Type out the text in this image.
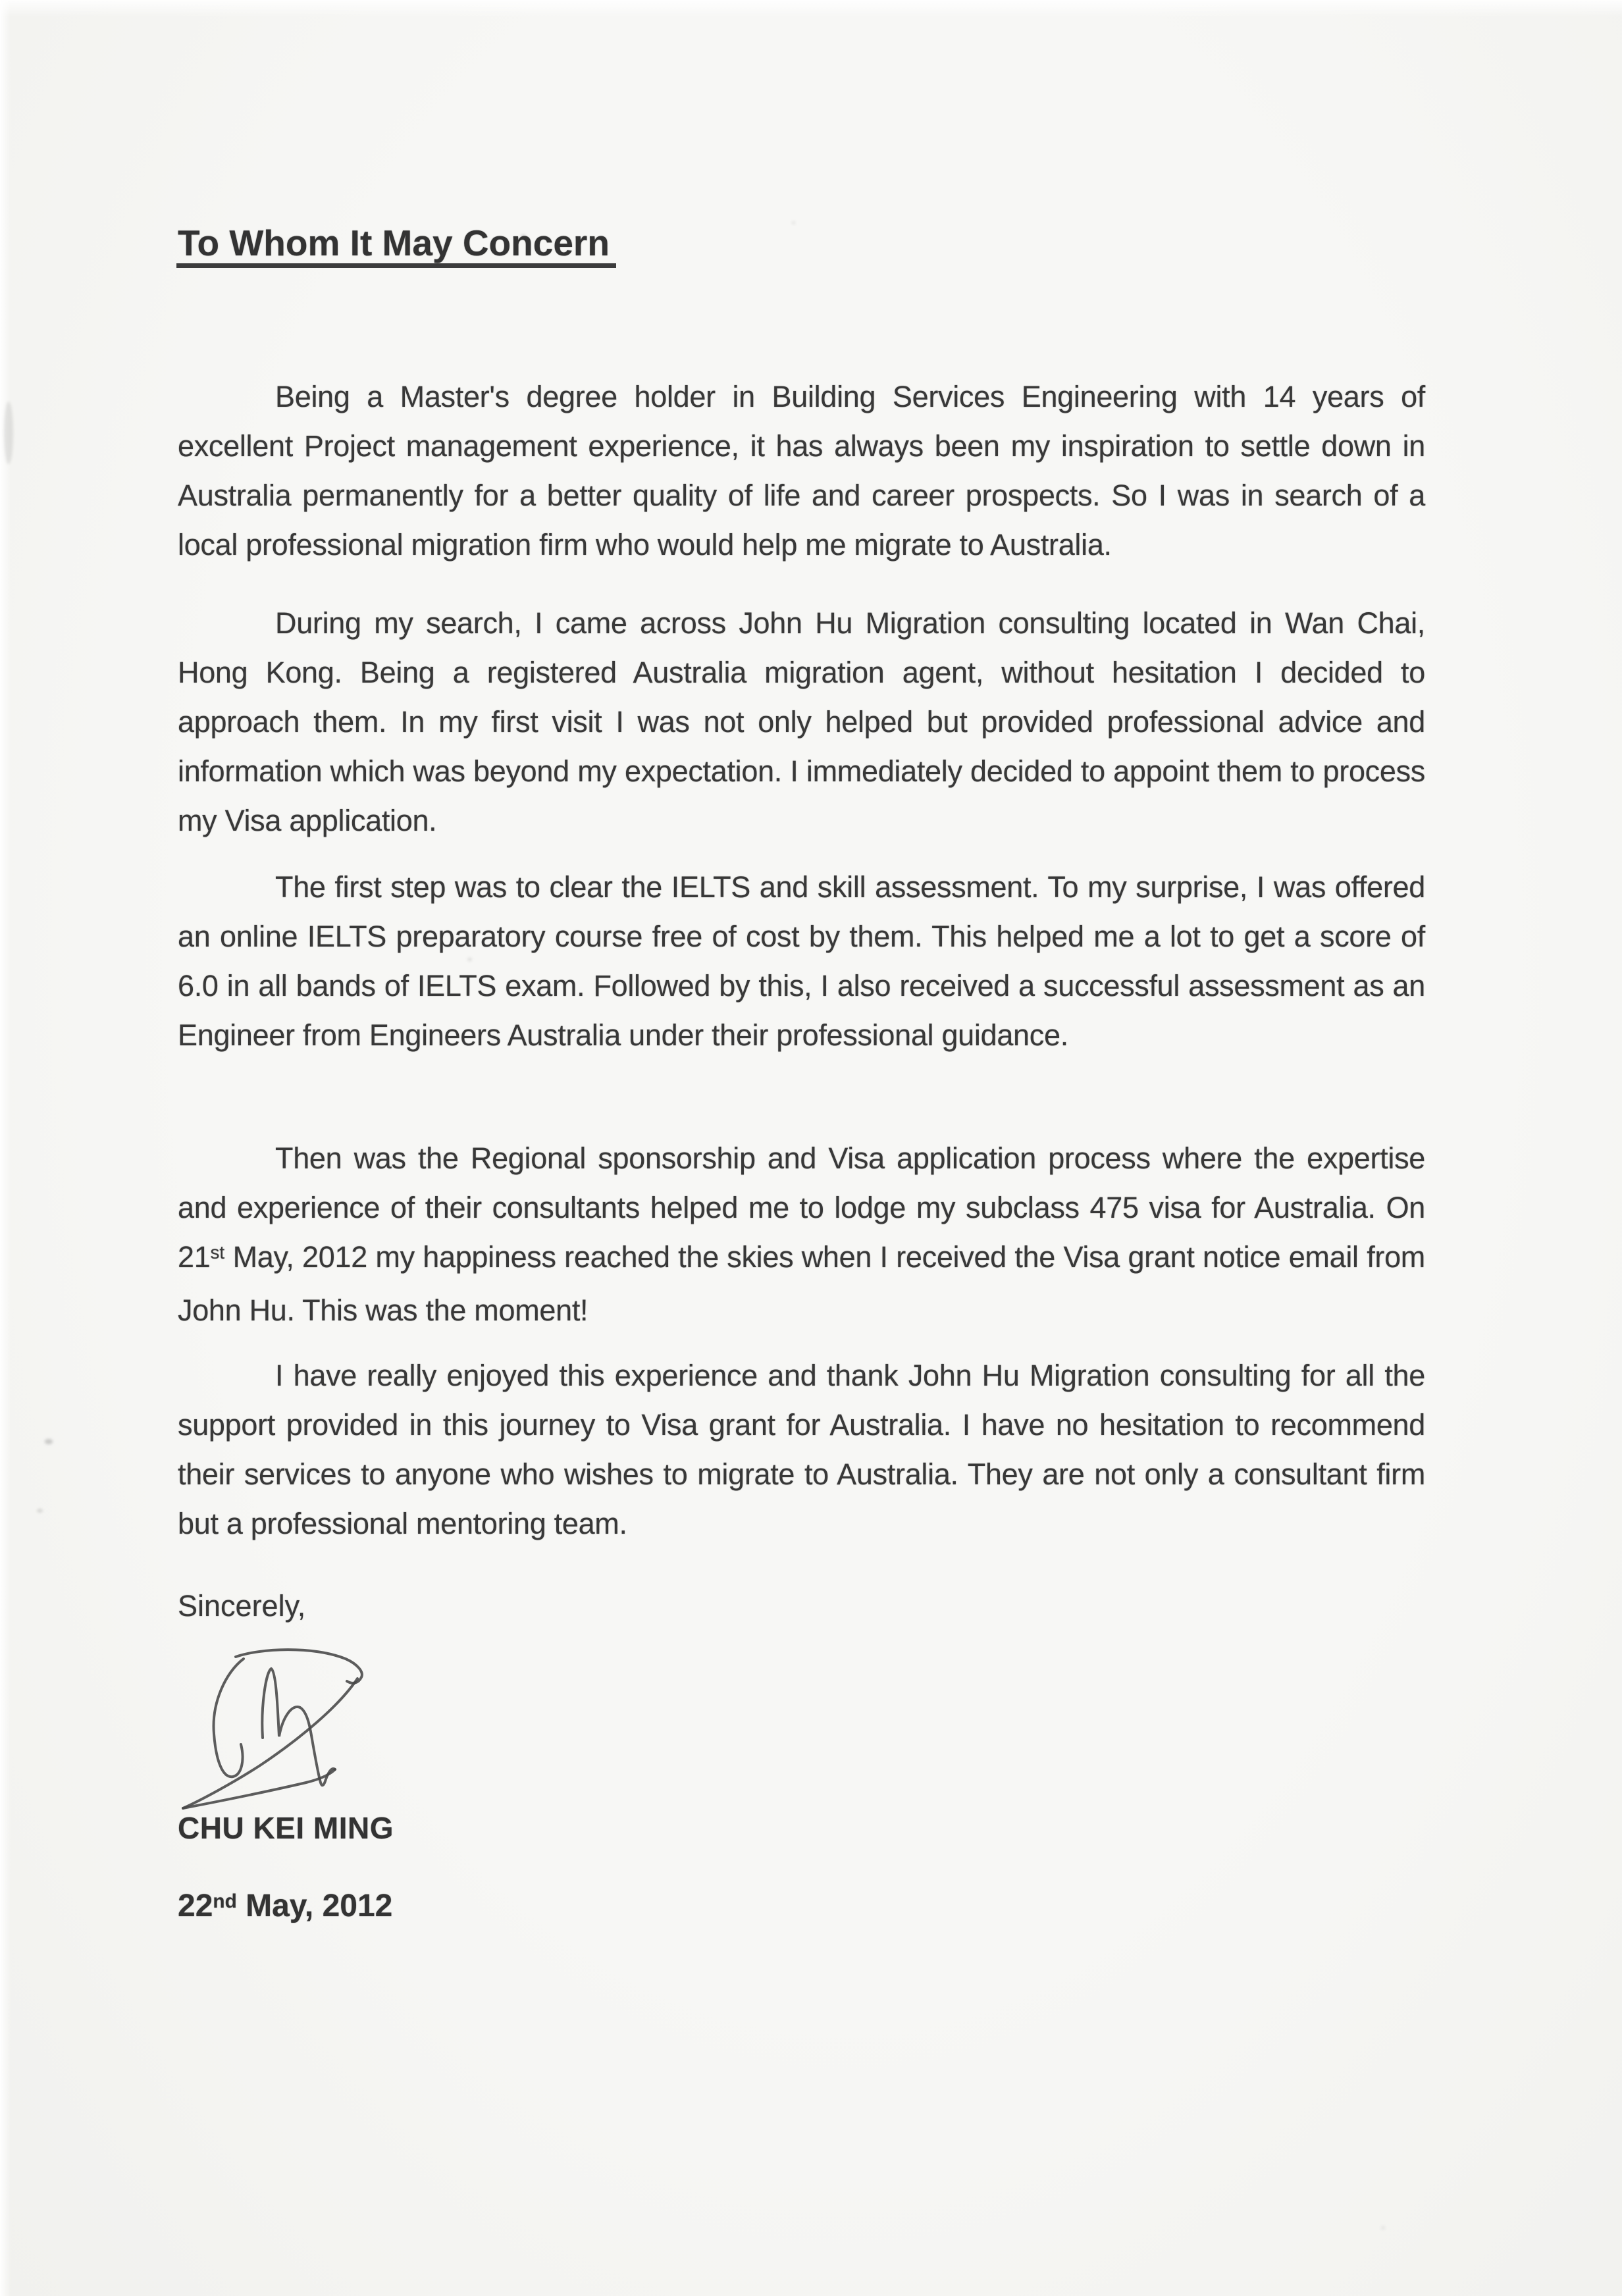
To Whom It May Concern

Being a Master's degree holder in Building Services Engineering with 14 years of excellent Project management experience, it has always been my inspiration to settle down in Australia permanently for a better quality of life and career prospects. So I was in search of a local professional migration firm who would help me migrate to Australia.

During my search, I came across John Hu Migration consulting located in Wan Chai, Hong Kong. Being a registered Australia migration agent, without hesitation I decided to approach them. In my first visit I was not only helped but provided professional advice and information which was beyond my expectation. I immediately decided to appoint them to process my Visa application.

The first step was to clear the IELTS and skill assessment. To my surprise, I was offered an online IELTS preparatory course free of cost by them. This helped me a lot to get a score of 6.0 in all bands of IELTS exam. Followed by this, I also received a successful assessment as an Engineer from Engineers Australia under their professional guidance.

Then was the Regional sponsorship and Visa application process where the expertise and experience of their consultants helped me to lodge my subclass 475 visa for Australia. On 21st May, 2012 my happiness reached the skies when I received the Visa grant notice email from John Hu. This was the moment!

I have really enjoyed this experience and thank John Hu Migration consulting for all the support provided in this journey to Visa grant for Australia. I have no hesitation to recommend their services to anyone who wishes to migrate to Australia. They are not only a consultant firm but a professional mentoring team.

Sincerely,
CHU KEI MING
22nd May, 2012
